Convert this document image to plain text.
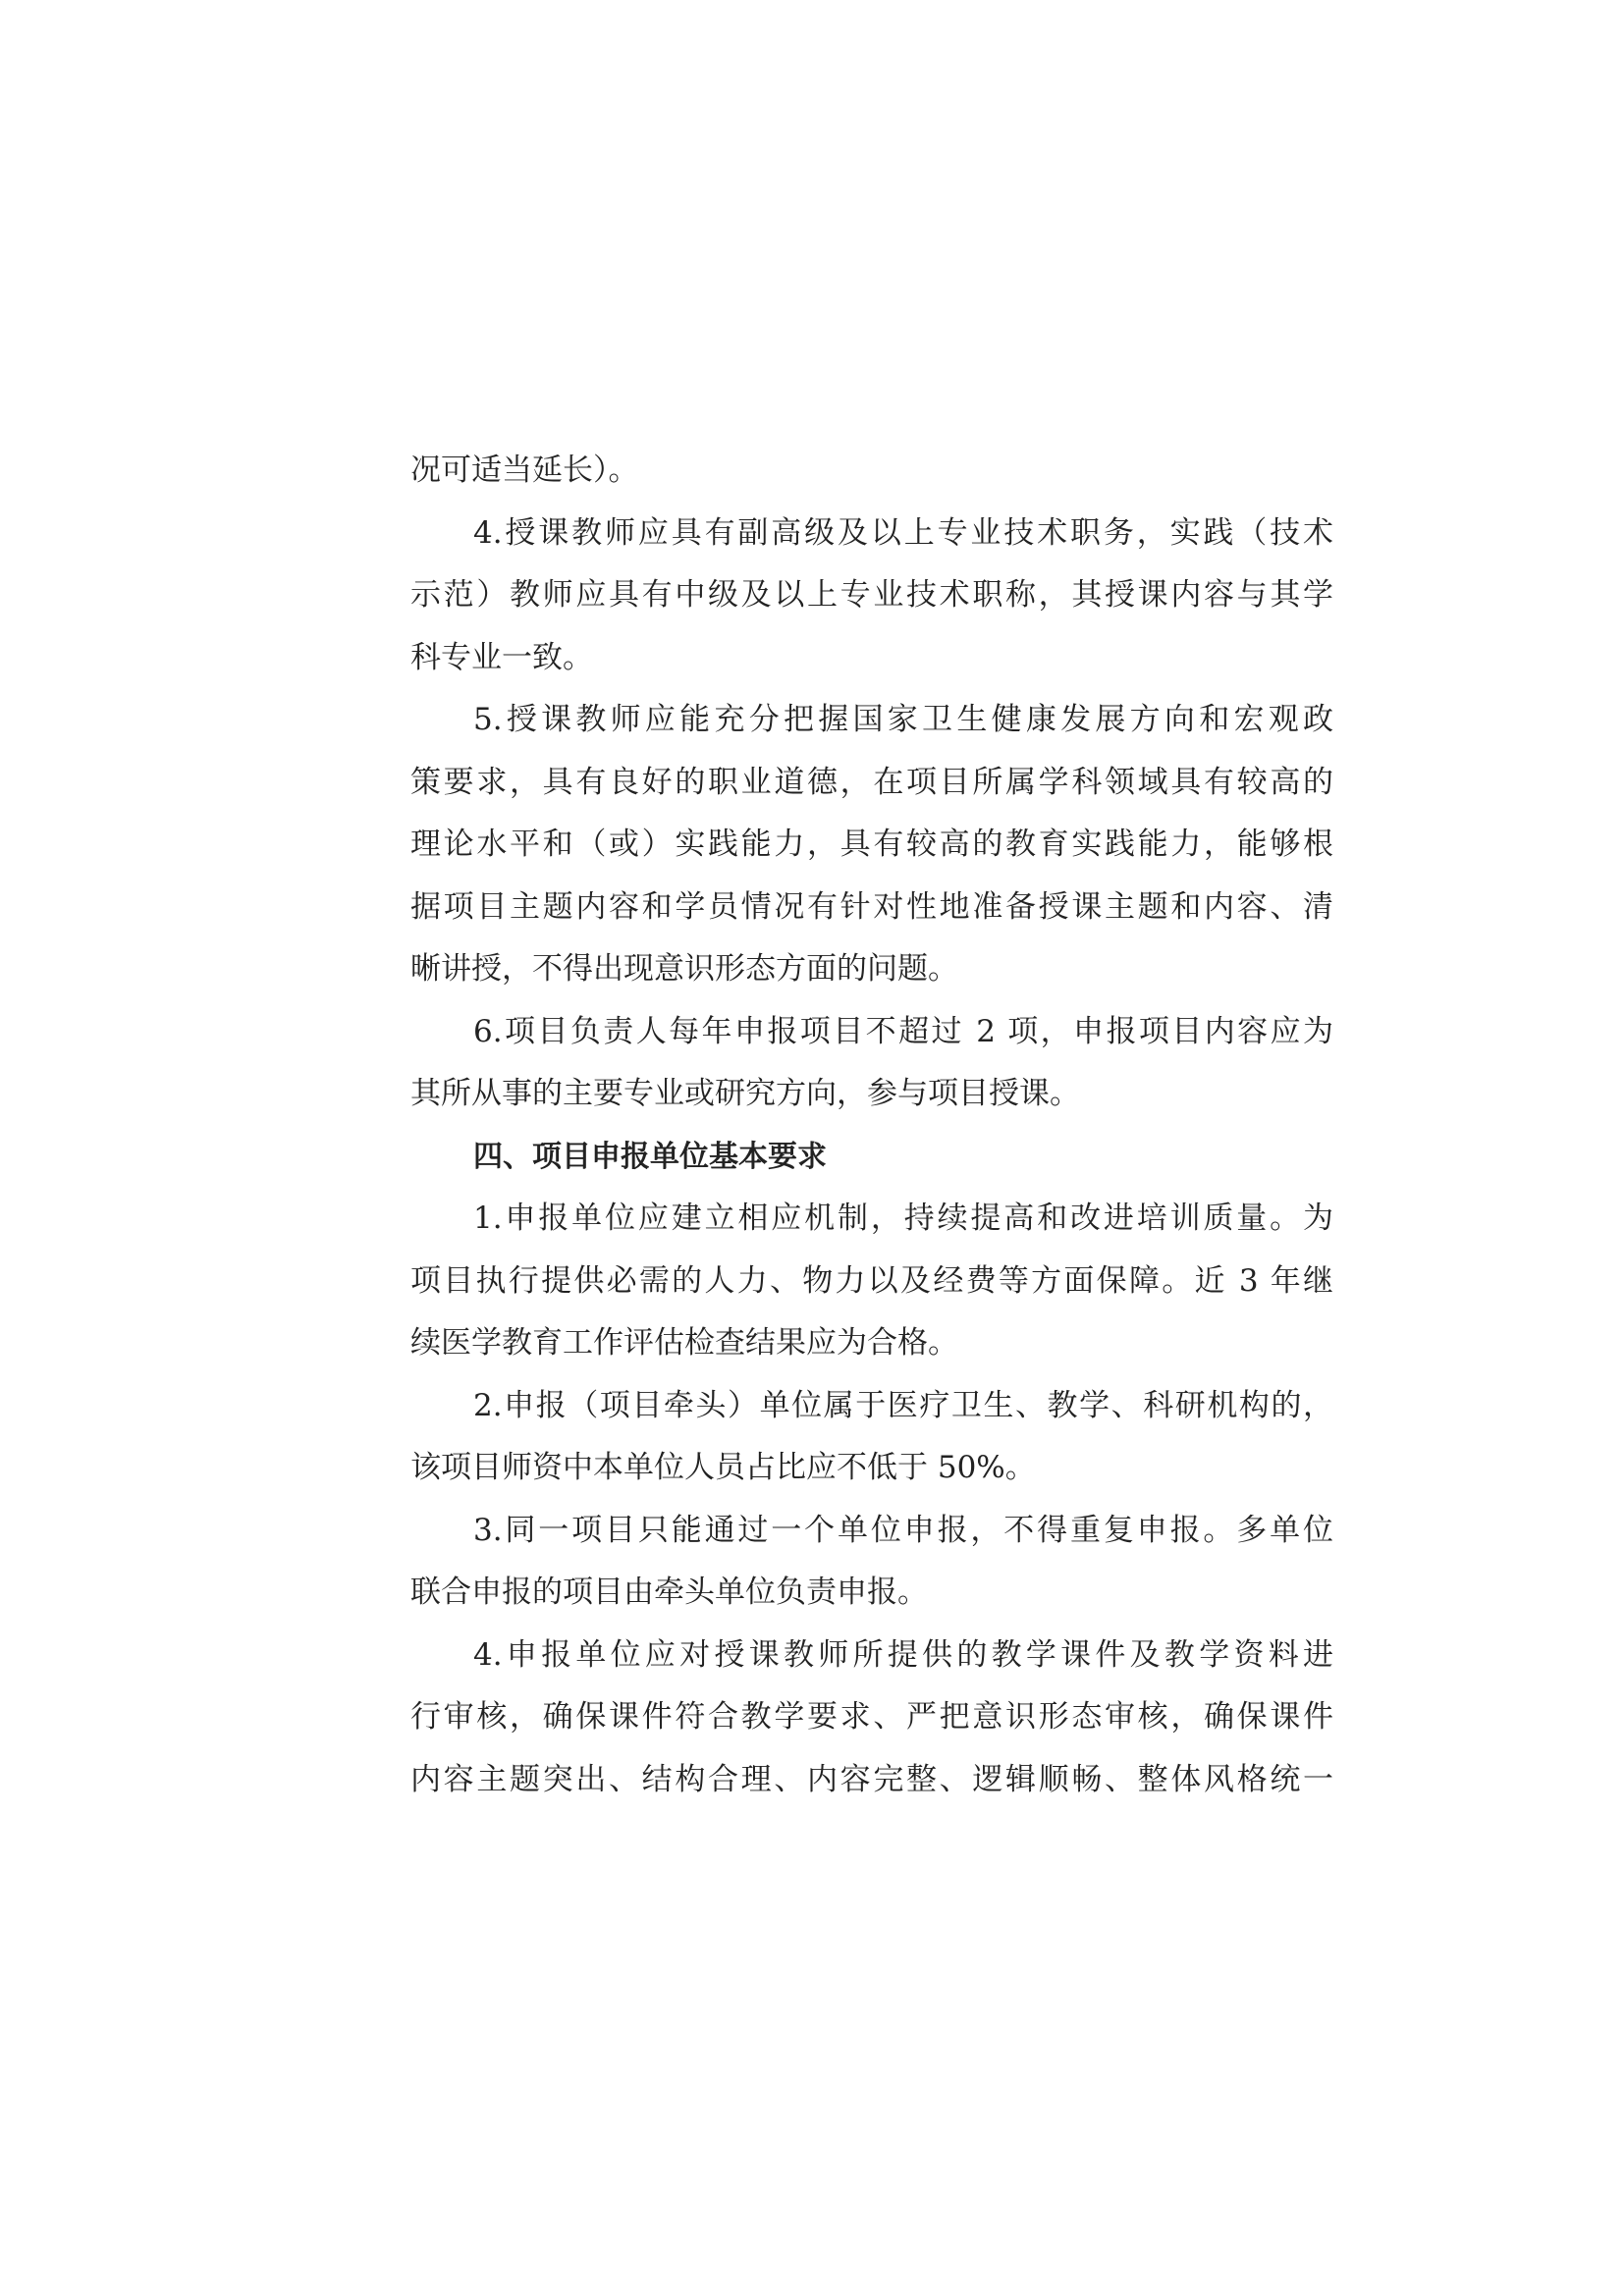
况可适当延长）。
4.授课教师应具有副高级及以上专业技术职务，实践（技术
示范）教师应具有中级及以上专业技术职称，其授课内容与其学
科专业一致。
5.授课教师应能充分把握国家卫生健康发展方向和宏观政
策要求，具有良好的职业道德，在项目所属学科领域具有较高的
理论水平和（或）实践能力，具有较高的教育实践能力，能够根
据项目主题内容和学员情况有针对性地准备授课主题和内容、清
晰讲授，不得出现意识形态方面的问题。
6.项目负责人每年申报项目不超过 2 项，申报项目内容应为
其所从事的主要专业或研究方向，参与项目授课。
四、项目申报单位基本要求
1.申报单位应建立相应机制，持续提高和改进培训质量。为
项目执行提供必需的人力、物力以及经费等方面保障。近 3 年继
续医学教育工作评估检查结果应为合格。
2.申报（项目牵头）单位属于医疗卫生、教学、科研机构的，
该项目师资中本单位人员占比应不低于 50%。
3.同一项目只能通过一个单位申报，不得重复申报。多单位
联合申报的项目由牵头单位负责申报。
4.申报单位应对授课教师所提供的教学课件及教学资料进
行审核，确保课件符合教学要求、严把意识形态审核，确保课件
内容主题突出、结构合理、内容完整、逻辑顺畅、整体风格统一
